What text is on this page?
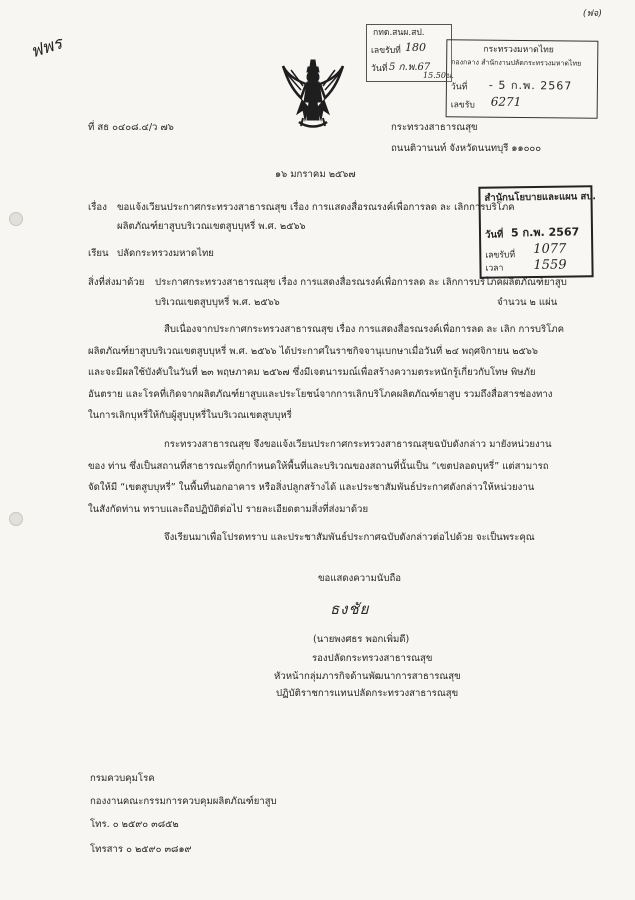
ฟพร
(ฟจ)
กทด.สนผ.สป.
เลขรับที่ 180
วันที่ 5 ก.พ.67
15.50น.
กระทรวงมหาดไทย
กองกลาง สำนักงานปลัดกระทรวงมหาดไทย
วันที่ - 5 ก.พ. 2567
เลขรับ 6271
ที่ สธ ๐๔๐๘.๔/ว ๗๖	กระทรวงสาธารณสุข
ถนนติวานนท์ จังหวัดนนทบุรี ๑๑๐๐๐
๑๖ มกราคม ๒๕๖๗
สำนักนโยบายและแผน สป.
วันที่ 5 ก.พ. 2567
เลขรับที่ 1077
เวลา 1559
เรื่อง ขอแจ้งเวียนประกาศกระทรวงสาธารณสุข เรื่อง การแสดงสื่อรณรงค์เพื่อการลด ละ เลิกการบริโภค
ผลิตภัณฑ์ยาสูบบริเวณเขตสูบบุหรี่ พ.ศ. ๒๕๖๖
เรียน ปลัดกระทรวงมหาดไทย
สิ่งที่ส่งมาด้วย ประกาศกระทรวงสาธารณสุข เรื่อง การแสดงสื่อรณรงค์เพื่อการลด ละ เลิกการบริโภคผลิตภัณฑ์ยาสูบ
บริเวณเขตสูบบุหรี่ พ.ศ. ๒๕๖๖	จำนวน ๒ แผ่น
สืบเนื่องจากประกาศกระทรวงสาธารณสุข เรื่อง การแสดงสื่อรณรงค์เพื่อการลด ละ เลิก การบริโภค
ผลิตภัณฑ์ยาสูบบริเวณเขตสูบบุหรี่ พ.ศ. ๒๕๖๖ ได้ประกาศในราชกิจจานุเบกษาเมื่อวันที่ ๒๔ พฤศจิกายน ๒๕๖๖
และจะมีผลใช้บังคับในวันที่ ๒๓ พฤษภาคม ๒๕๖๗ ซึ่งมีเจตนารมณ์เพื่อสร้างความตระหนักรู้เกี่ยวกับโทษ พิษภัย
อันตราย และโรคที่เกิดจากผลิตภัณฑ์ยาสูบและประโยชน์จากการเลิกบริโภคผลิตภัณฑ์ยาสูบ รวมถึงสื่อสารช่องทาง
ในการเลิกบุหรี่ให้กับผู้สูบบุหรี่ในบริเวณเขตสูบบุหรี่
กระทรวงสาธารณสุข จึงขอแจ้งเวียนประกาศกระทรวงสาธารณสุขฉบับดังกล่าว มายังหน่วยงาน
ของ ท่าน ซึ่งเป็นสถานที่สาธารณะที่ถูกกำหนดให้พื้นที่และบริเวณของสถานที่นั้นเป็น “เขตปลอดบุหรี่” แต่สามารถ
จัดให้มี “เขตสูบบุหรี่” ในพื้นที่นอกอาคาร หรือสิ่งปลูกสร้างได้ และประชาสัมพันธ์ประกาศดังกล่าวให้หน่วยงาน
ในสังกัดท่าน ทราบและถือปฏิบัติต่อไป รายละเอียดตามสิ่งที่ส่งมาด้วย
จึงเรียนมาเพื่อโปรดทราบ และประชาสัมพันธ์ประกาศฉบับดังกล่าวต่อไปด้วย จะเป็นพระคุณ
ขอแสดงความนับถือ
ธงชัย
(นายพงศธร พอกเพิ่มดี)
รองปลัดกระทรวงสาธารณสุข
หัวหน้ากลุ่มภารกิจด้านพัฒนาการสาธารณสุข
ปฏิบัติราชการแทนปลัดกระทรวงสาธารณสุข
กรมควบคุมโรค
กองงานคณะกรรมการควบคุมผลิตภัณฑ์ยาสูบ
โทร. ๐ ๒๕๙๐ ๓๘๕๒
โทรสาร ๐ ๒๕๙๐ ๓๘๑๙
